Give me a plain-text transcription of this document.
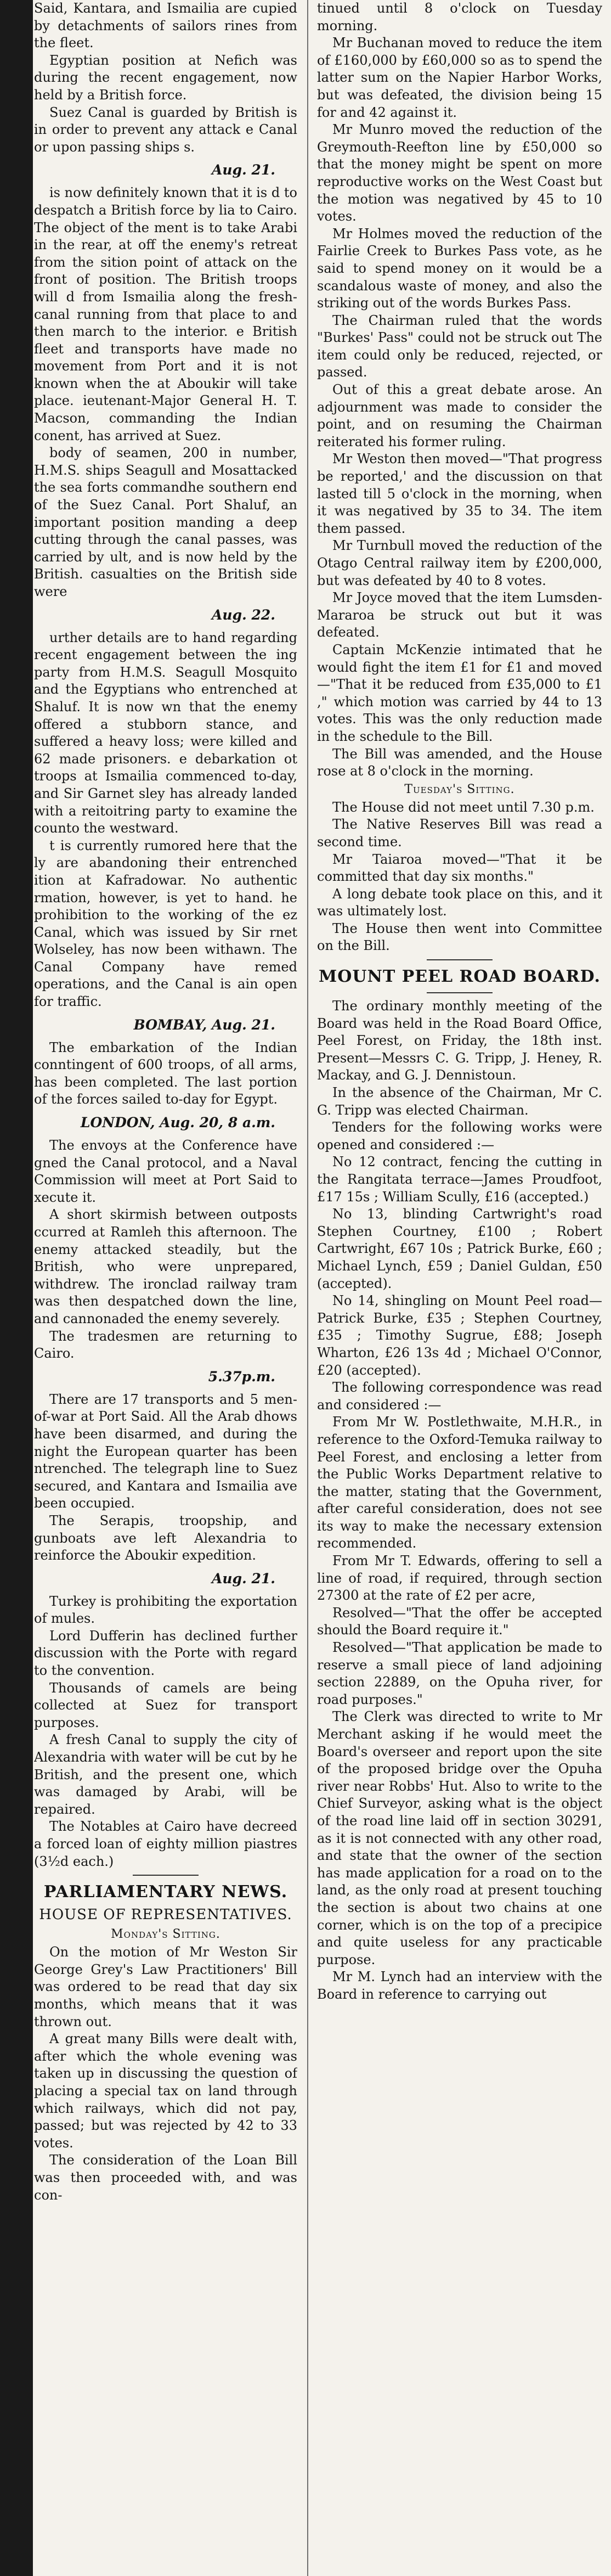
Said, Kantara, and Ismailia are cupied by detachments of sailors rines from the fleet.

Egyptian position at Nefich was during the recent engagement, now held by a British force.

Suez Canal is guarded by British is in order to prevent any attack e Canal or upon passing ships s.

Aug. 21.

is now definitely known that it is d to despatch a British force by lia to Cairo. The object of the ment is to take Arabi in the rear, at off the enemy's retreat from the sition point of attack on the front of position. The British troops will d from Ismailia along the fresh-canal running from that place to and then march to the interior. e British fleet and transports have made no movement from Port and it is not known when the at Aboukir will take place. ieutenant-Major General H. T. Macson, commanding the Indian conent, has arrived at Suez.

body of seamen, 200 in number, H.M.S. ships Seagull and Mosattacked the sea forts commandhe southern end of the Suez Canal. Port Shaluf, an important position manding a deep cutting through the canal passes, was carried by ult, and is now held by the British. casualties on the British side were

Aug. 22.

urther details are to hand regarding recent engagement between the ing party from H.M.S. Seagull Mosquito and the Egyptians who entrenched at Shaluf. It is now wn that the enemy offered a stubborn stance, and suffered a heavy loss; were killed and 62 made prisoners. e debarkation ot troops at Ismailia commenced to-day, and Sir Garnet sley has already landed with a reitoitring party to examine the counto the westward.

t is currently rumored here that the ly are abandoning their entrenched ition at Kafradowar. No authentic rmation, however, is yet to hand. he prohibition to the working of the ez Canal, which was issued by Sir rnet Wolseley, has now been withawn. The Canal Company have remed operations, and the Canal is ain open for traffic.

BOMBAY, Aug. 21.

The embarkation of the Indian conntingent of 600 troops, of all arms, has been completed. The last portion of the forces sailed to-day for Egypt.

LONDON, Aug. 20, 8 a.m.

The envoys at the Conference have gned the Canal protocol, and a Naval Commission will meet at Port Said to xecute it.

A short skirmish between outposts ccurred at Ramleh this afternoon. The enemy attacked steadily, but the British, who were unprepared, withdrew. The ironclad railway tram was then despatched down the line, and cannonaded the enemy severely.

The tradesmen are returning to Cairo.

5.37p.m.

There are 17 transports and 5 men-of-war at Port Said. All the Arab dhows have been disarmed, and during the night the European quarter has been ntrenched. The telegraph line to Suez secured, and Kantara and Ismailia ave been occupied.

The Serapis, troopship, and gunboats ave left Alexandria to reinforce the Aboukir expedition.

Aug. 21.

Turkey is prohibiting the exportation of mules.

Lord Dufferin has declined further discussion with the Porte with regard to the convention.

Thousands of camels are being collected at Suez for transport purposes.

A fresh Canal to supply the city of Alexandria with water will be cut by he British, and the present one, which was damaged by Arabi, will be repaired.

The Notables at Cairo have decreed a forced loan of eighty million piastres (3½d each.)

PARLIAMENTARY NEWS.

HOUSE OF REPRESENTATIVES.

Monday's Sitting.

On the motion of Mr Weston Sir George Grey's Law Practitioners' Bill was ordered to be read that day six months, which means that it was thrown out.

A great many Bills were dealt with, after which the whole evening was taken up in discussing the question of placing a special tax on land through which railways, which did not pay, passed; but was rejected by 42 to 33 votes.

The consideration of the Loan Bill was then proceeded with, and was con-

tinued until 8 o'clock on Tuesday morning.

Mr Buchanan moved to reduce the item of £160,000 by £60,000 so as to spend the latter sum on the Napier Harbor Works, but was defeated, the division being 15 for and 42 against it.

Mr Munro moved the reduction of the Greymouth-Reefton line by £50,000 so that the money might be spent on more reproductive works on the West Coast but the motion was negatived by 45 to 10 votes.

Mr Holmes moved the reduction of the Fairlie Creek to Burkes Pass vote, as he said to spend money on it would be a scandalous waste of money, and also the striking out of the words Burkes Pass.

The Chairman ruled that the words "Burkes' Pass" could not be struck out The item could only be reduced, rejected, or passed.

Out of this a great debate arose. An adjournment was made to consider the point, and on resuming the Chairman reiterated his former ruling.

Mr Weston then moved—"That progress be reported,' and the discussion on that lasted till 5 o'clock in the morning, when it was negatived by 35 to 34. The item them passed.

Mr Turnbull moved the reduction of the Otago Central railway item by £200,000, but was defeated by 40 to 8 votes.

Mr Joyce moved that the item Lumsden-Mararoa be struck out but it was defeated.

Captain McKenzie intimated that he would fight the item £1 for £1 and moved—"That it be reduced from £35,000 to £1 ," which motion was carried by 44 to 13 votes. This was the only reduction made in the schedule to the Bill.

The Bill was amended, and the House rose at 8 o'clock in the morning.

Tuesday's Sitting.

The House did not meet until 7.30 p.m.

The Native Reserves Bill was read a second time.

Mr Taiaroa moved—"That it be committed that day six months."

A long debate took place on this, and it was ultimately lost.

The House then went into Committee on the Bill.

MOUNT PEEL ROAD BOARD.

The ordinary monthly meeting of the Board was held in the Road Board Office, Peel Forest, on Friday, the 18th inst. Present—Messrs C. G. Tripp, J. Heney, R. Mackay, and G. J. Dennistoun.

In the absence of the Chairman, Mr C. G. Tripp was elected Chairman.

Tenders for the following works were opened and considered :—

No 12 contract, fencing the cutting in the Rangitata terrace—James Proudfoot, £17 15s ; William Scully, £16 (accepted.)

No 13, blinding Cartwright's road Stephen Courtney, £100 ; Robert Cartwright, £67 10s ; Patrick Burke, £60 ; Michael Lynch, £59 ; Daniel Guldan, £50 (accepted).

No 14, shingling on Mount Peel road—Patrick Burke, £35 ; Stephen Courtney, £35 ; Timothy Sugrue, £88; Joseph Wharton, £26 13s 4d ; Michael O'Connor, £20 (accepted).

The following correspondence was read and considered :—

From Mr W. Postlethwaite, M.H.R., in reference to the Oxford-Temuka railway to Peel Forest, and enclosing a letter from the Public Works Department relative to the matter, stating that the Government, after careful consideration, does not see its way to make the necessary extension recommended.

From Mr T. Edwards, offering to sell a line of road, if required, through section 27300 at the rate of £2 per acre,

Resolved—"That the offer be accepted should the Board require it."

Resolved—"That application be made to reserve a small piece of land adjoining section 22889, on the Opuha river, for road purposes."

The Clerk was directed to write to Mr Merchant asking if he would meet the Board's overseer and report upon the site of the proposed bridge over the Opuha river near Robbs' Hut. Also to write to the Chief Surveyor, asking what is the object of the road line laid off in section 30291, as it is not connected with any other road, and state that the owner of the section has made application for a road on to the land, as the only road at present touching the section is about two chains at one corner, which is on the top of a precipice and quite useless for any practicable purpose.

Mr M. Lynch had an interview with the Board in reference to carrying out
